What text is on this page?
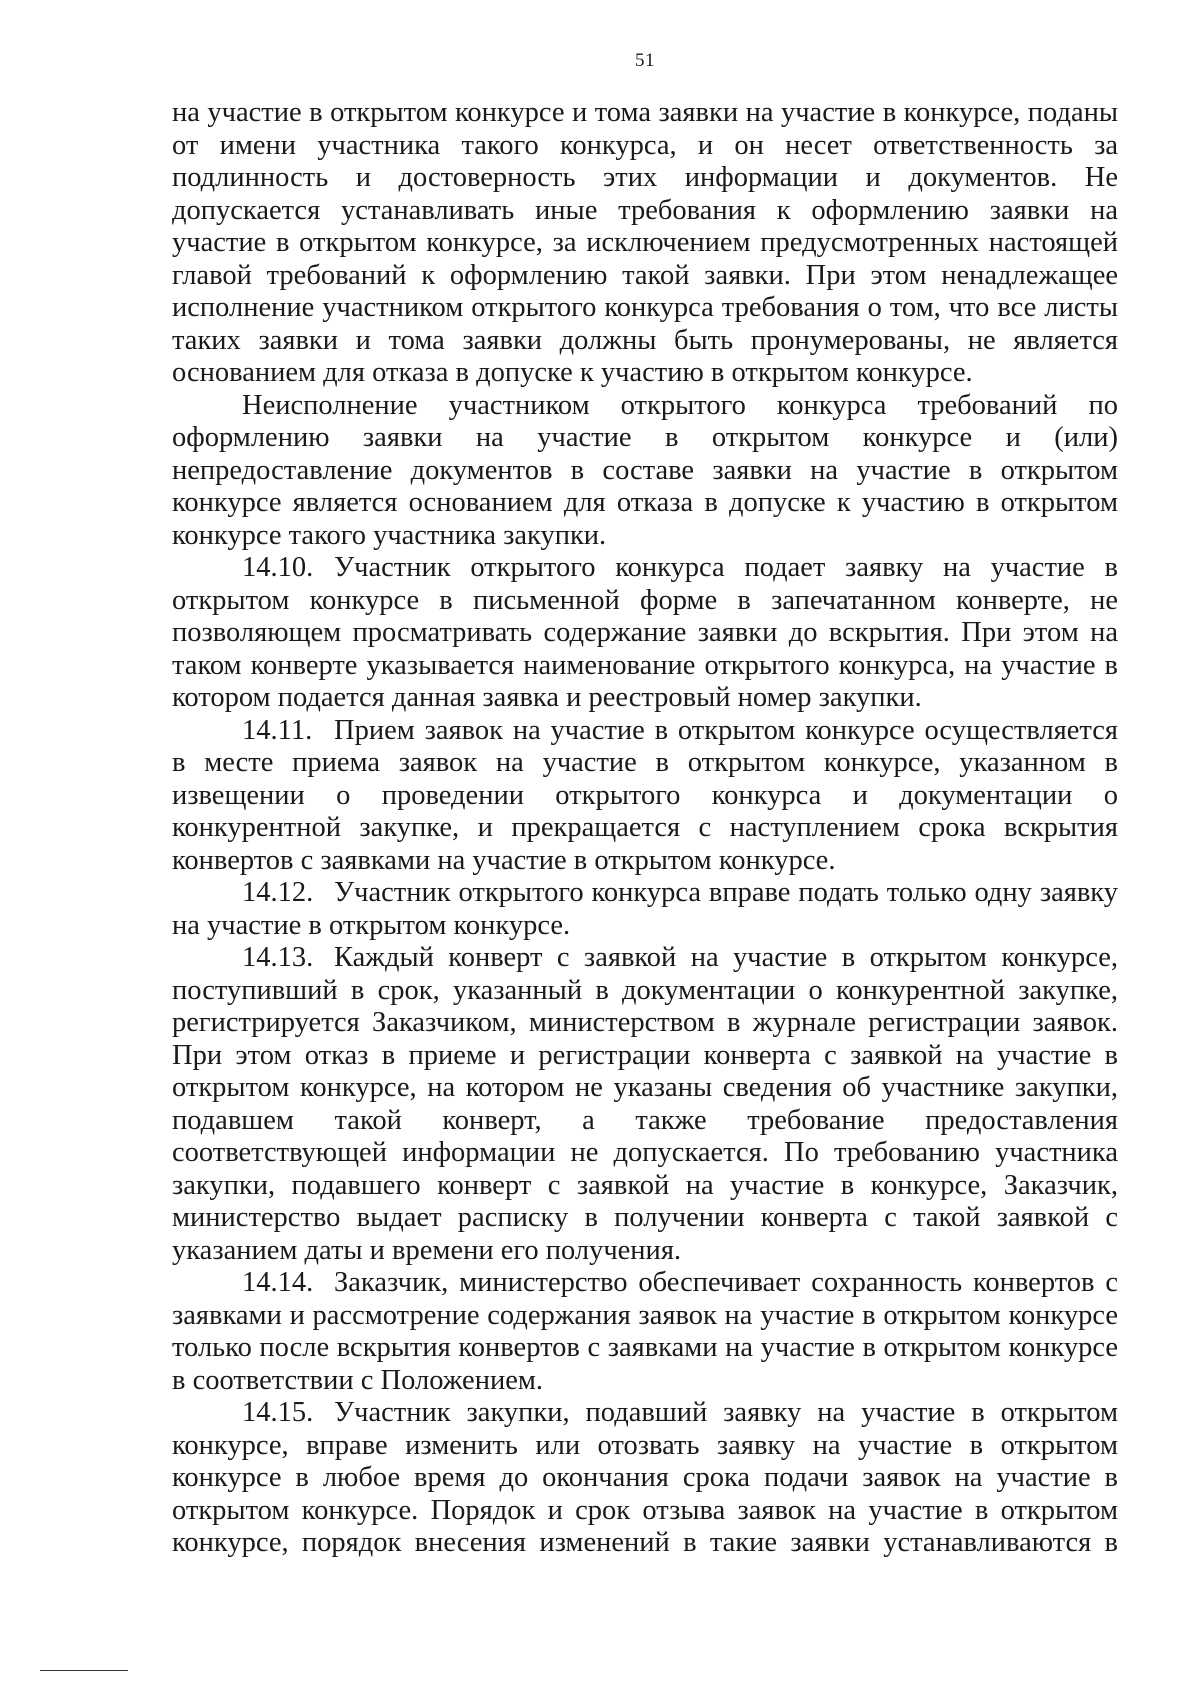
51

на участие в открытом конкурсе и тома заявки на участие в конкурсе, поданы от имени участника такого конкурса, и он несет ответственность за подлинность и достоверность этих информации и документов. Не допускается устанавливать иные требования к оформлению заявки на участие в открытом конкурсе, за исключением предусмотренных настоящей главой требований к оформлению такой заявки. При этом ненадлежащее исполнение участником открытого конкурса требования о том, что все листы таких заявки и тома заявки должны быть пронумерованы, не является основанием для отказа в допуске к участию в открытом конкурсе.

Неисполнение участником открытого конкурса требований по оформлению заявки на участие в открытом конкурсе и (или) непредоставление документов в составе заявки на участие в открытом конкурсе является основанием для отказа в допуске к участию в открытом конкурсе такого участника закупки.

14.10. Участник открытого конкурса подает заявку на участие в открытом конкурсе в письменной форме в запечатанном конверте, не позволяющем просматривать содержание заявки до вскрытия. При этом на таком конверте указывается наименование открытого конкурса, на участие в котором подается данная заявка и реестровый номер закупки.

14.11. Прием заявок на участие в открытом конкурсе осуществляется в месте приема заявок на участие в открытом конкурсе, указанном в извещении о проведении открытого конкурса и документации о конкурентной закупке, и прекращается с наступлением срока вскрытия конвертов с заявками на участие в открытом конкурсе.

14.12. Участник открытого конкурса вправе подать только одну заявку на участие в открытом конкурсе.

14.13. Каждый конверт с заявкой на участие в открытом конкурсе, поступивший в срок, указанный в документации о конкурентной закупке, регистрируется Заказчиком, министерством в журнале регистрации заявок. При этом отказ в приеме и регистрации конверта с заявкой на участие в открытом конкурсе, на котором не указаны сведения об участнике закупки, подавшем такой конверт, а также требование предоставления соответствующей информации не допускается. По требованию участника закупки, подавшего конверт с заявкой на участие в конкурсе, Заказчик, министерство выдает расписку в получении конверта с такой заявкой с указанием даты и времени его получения.

14.14. Заказчик, министерство обеспечивает сохранность конвертов с заявками и рассмотрение содержания заявок на участие в открытом конкурсе только после вскрытия конвертов с заявками на участие в открытом конкурсе в соответствии с Положением.

14.15. Участник закупки, подавший заявку на участие в открытом конкурсе, вправе изменить или отозвать заявку на участие в открытом конкурсе в любое время до окончания срока подачи заявок на участие в открытом конкурсе. Порядок и срок отзыва заявок на участие в открытом конкурсе, порядок внесения изменений в такие заявки устанавливаются в
